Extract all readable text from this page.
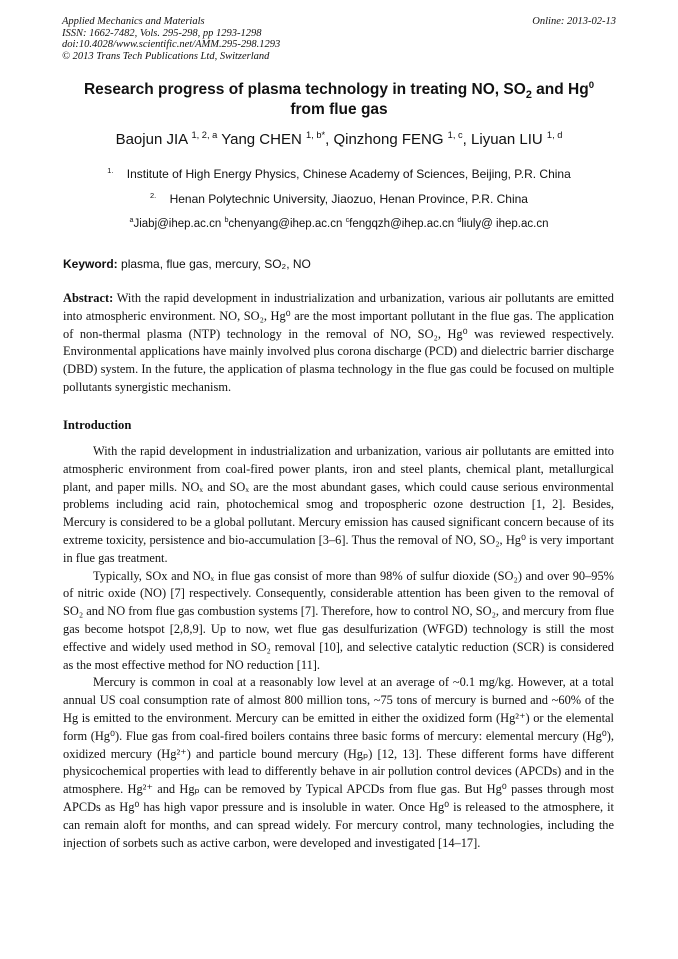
Applied Mechanics and Materials
ISSN: 1662-7482, Vols. 295-298, pp 1293-1298
doi:10.4028/www.scientific.net/AMM.295-298.1293
© 2013 Trans Tech Publications Ltd, Switzerland
Online: 2013-02-13
Research progress of plasma technology in treating NO, $SO_2$ and Hg$^0$
from flue gas
Baojun JIA $^{1, 2, a}$ Yang CHEN $^{1, b*}$, Qinzhong FENG $^{1, c}$, Liyuan LIU $^{1, d}$
$^{1.}$ Institute of High Energy Physics, Chinese Academy of Sciences, Beijing, P.R. China
$^{2.}$ Henan Polytechnic University, Jiaozuo, Henan Province, P.R. China
$^a$Jiabj@ihep.ac.cn $^b$chenyang@ihep.ac.cn $^c$fengqzh@ihep.ac.cn $^d$liuly@ ihep.ac.cn
Keyword: plasma, flue gas, mercury, SO₂, NO
Abstract: With the rapid development in industrialization and urbanization, various air pollutants are emitted into atmospheric environment. NO, SO₂, Hg⁰ are the most important pollutant in the flue gas. The application of non-thermal plasma (NTP) technology in the removal of NO, SO₂, Hg⁰ was reviewed respectively. Environmental applications have mainly involved plus corona discharge (PCD) and dielectric barrier discharge (DBD) system. In the future, the application of plasma technology in the flue gas could be focused on multiple pollutants synergistic mechanism.
Introduction

With the rapid development in industrialization and urbanization, various air pollutants are emitted into atmospheric environment from coal-fired power plants, iron and steel plants, chemical plant, metallurgical plant, and paper mills. NOₓ and SOₓ are the most abundant gases, which could cause serious environmental problems including acid rain, photochemical smog and tropospheric ozone destruction [1, 2]. Besides, Mercury is considered to be a global pollutant. Mercury emission has caused significant concern because of its extreme toxicity, persistence and bio-accumulation [3–6]. Thus the removal of NO, SO₂, Hg⁰ is very important in flue gas treatment.

Typically, SOx and NOₓ in flue gas consist of more than 98% of sulfur dioxide (SO₂) and over 90–95% of nitric oxide (NO) [7] respectively. Consequently, considerable attention has been given to the removal of SO₂ and NO from flue gas combustion systems [7]. Therefore, how to control NO, SO₂, and mercury from flue gas become hotspot [2,8,9]. Up to now, wet flue gas desulfurization (WFGD) technology is still the most effective and widely used method in SO₂ removal [10], and selective catalytic reduction (SCR) is considered as the most effective method for NO reduction [11].

Mercury is common in coal at a reasonably low level at an average of ~0.1 mg/kg. However, at a total annual US coal consumption rate of almost 800 million tons, ~75 tons of mercury is burned and ~60% of the Hg is emitted to the environment. Mercury can be emitted in either the oxidized form (Hg²⁺) or the elemental form (Hg⁰). Flue gas from coal-fired boilers contains three basic forms of mercury: elemental mercury (Hg⁰), oxidized mercury (Hg²⁺) and particle bound mercury (Hgₚ) [12, 13]. These different forms have different physicochemical properties with lead to differently behave in air pollution control devices (APCDs) and in the atmosphere. Hg²⁺ and Hgₚ can be removed by Typical APCDs from flue gas. But Hg⁰ passes through most APCDs as Hg⁰ has high vapor pressure and is insoluble in water. Once Hg⁰ is released to the atmosphere, it can remain aloft for months, and can spread widely. For mercury control, many technologies, including the injection of sorbets such as active carbon, were developed and investigated [14–17].
